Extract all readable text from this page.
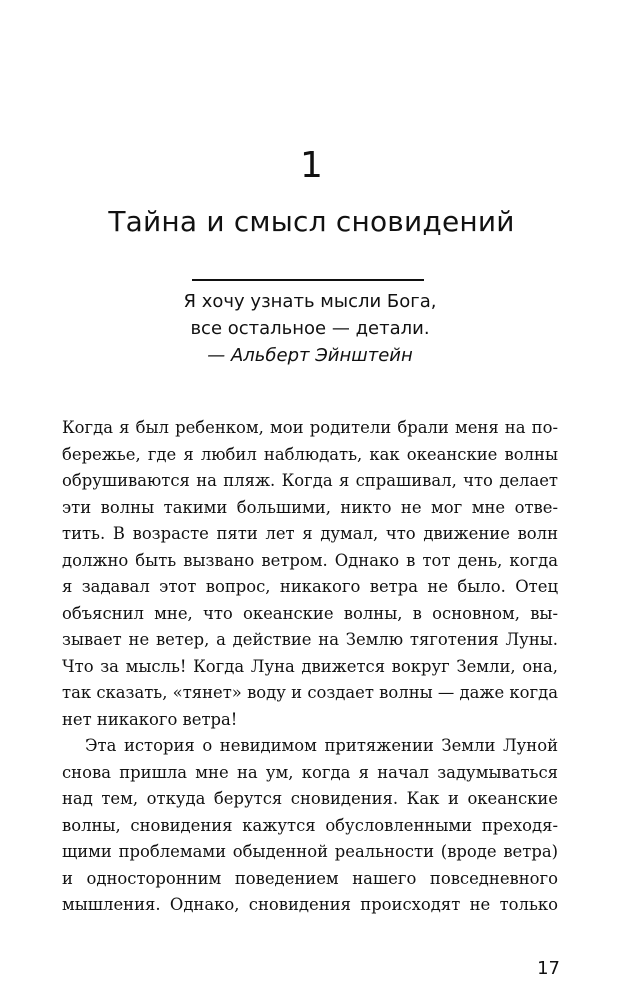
1
Тайна и смысл сновидений
Я хочу узнать мысли Бога,
все остальное — детали.
— Альберт Эйнштейн

Когда я был ребенком, мои родители брали меня на по-
бережье, где я любил наблюдать, как океанские волны
обрушиваются на пляж. Когда я спрашивал, что делает
эти волны такими большими, никто не мог мне отве-
тить. В возрасте пяти лет я думал, что движение волн
должно быть вызвано ветром. Однако в тот день, когда
я задавал этот вопрос, никакого ветра не было. Отец
объяснил мне, что океанские волны, в основном, вы-
зывает не ветер, а действие на Землю тяготения Луны.
Что за мысль! Когда Луна движется вокруг Земли, она,
так сказать, «тянет» воду и создает волны — даже когда
нет никакого ветра!

Эта история о невидимом притяжении Земли Луной
снова пришла мне на ум, когда я начал задумываться
над тем, откуда берутся сновидения. Как и океанские
волны, сновидения кажутся обусловленными преходя-
щими проблемами обыденной реальности (вроде ветра)
и односторонним поведением нашего повседневного
мышления. Однако, сновидения происходят не только

17
